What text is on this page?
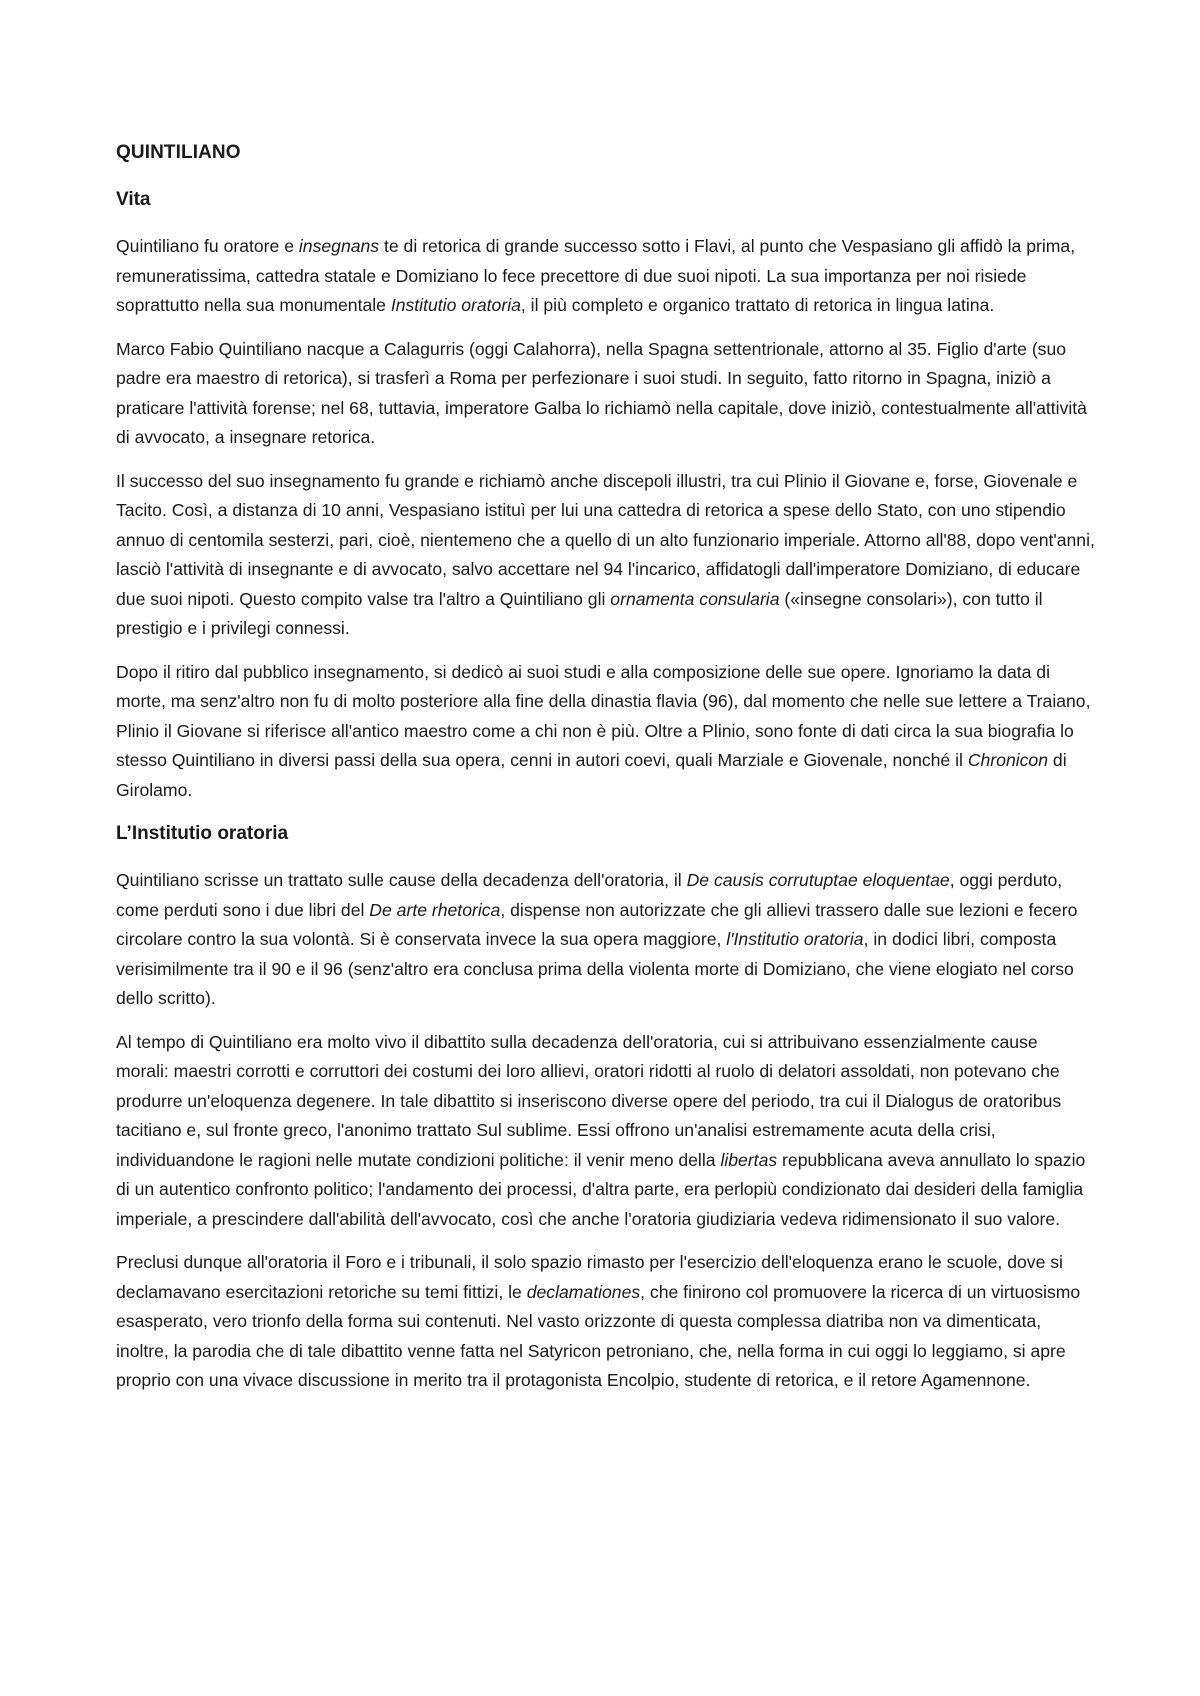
QUINTILIANO
Vita

Quintiliano fu oratore e insegnans te di retorica di grande successo sotto i Flavi, al punto che Vespasiano gli affidò la prima, remuneratissima, cattedra statale e Domiziano lo fece precettore di due suoi nipoti. La sua importanza per noi risiede soprattutto nella sua monumentale Institutio oratoria, il più completo e organico trattato di retorica in lingua latina.

Marco Fabio Quintiliano nacque a Calagurris (oggi Calahorra), nella Spagna settentrionale, attorno al 35. Figlio d'arte (suo padre era maestro di retorica), si trasferì a Roma per perfezionare i suoi studi. In seguito, fatto ritorno in Spagna, iniziò a praticare l'attività forense; nel 68, tuttavia, imperatore Galba lo richiamò nella capitale, dove iniziò, contestualmente all'attività di avvocato, a insegnare retorica.

Il successo del suo insegnamento fu grande e richiamò anche discepoli illustri, tra cui Plinio il Giovane e, forse, Giovenale e Tacito. Così, a distanza di 10 anni, Vespasiano istituì per lui una cattedra di retorica a spese dello Stato, con uno stipendio annuo di centomila sesterzi, pari, cioè, nientemeno che a quello di un alto funzionario imperiale. Attorno all'88, dopo vent'anni, lasciò l'attività di insegnante e di avvocato, salvo accettare nel 94 l'incarico, affidatogli dall'imperatore Domiziano, di educare due suoi nipoti. Questo compito valse tra l'altro a Quintiliano gli ornamenta consularia («insegne consolari»), con tutto il prestigio e i privilegi connessi.

Dopo il ritiro dal pubblico insegnamento, si dedicò ai suoi studi e alla composizione delle sue opere. Ignoriamo la data di morte, ma senz'altro non fu di molto posteriore alla fine della dinastia flavia (96), dal momento che nelle sue lettere a Traiano, Plinio il Giovane si riferisce all'antico maestro come a chi non è più. Oltre a Plinio, sono fonte di dati circa la sua biografia lo stesso Quintiliano in diversi passi della sua opera, cenni in autori coevi, quali Marziale e Giovenale, nonché il Chronicon di Girolamo.

L’Institutio oratoria

Quintiliano scrisse un trattato sulle cause della decadenza dell'oratoria, il De causis corrutuptae eloquentae, oggi perduto, come perduti sono i due libri del De arte rhetorica, dispense non autorizzate che gli allievi trassero dalle sue lezioni e fecero circolare contro la sua volontà. Si è conservata invece la sua opera maggiore, l'Institutio oratoria, in dodici libri, composta verisimilmente tra il 90 e il 96 (senz'altro era conclusa prima della violenta morte di Domiziano, che viene elogiato nel corso dello scritto).

Al tempo di Quintiliano era molto vivo il dibattito sulla decadenza dell'oratoria, cui si attribuivano essenzialmente cause morali: maestri corrotti e corruttori dei costumi dei loro allievi, oratori ridotti al ruolo di delatori assoldati, non potevano che produrre un'eloquenza degenere. In tale dibattito si inseriscono diverse opere del periodo, tra cui il Dialogus de oratoribus tacitiano e, sul fronte greco, l'anonimo trattato Sul sublime. Essi offrono un'analisi estremamente acuta della crisi, individuandone le ragioni nelle mutate condizioni politiche: il venir meno della libertas repubblicana aveva annullato lo spazio di un autentico confronto politico; l'andamento dei processi, d'altra parte, era perlopiù condizionato dai desideri della famiglia imperiale, a prescindere dall'abilità dell'avvocato, così che anche l'oratoria giudiziaria vedeva ridimensionato il suo valore.

Preclusi dunque all'oratoria il Foro e i tribunali, il solo spazio rimasto per l'esercizio dell'eloquenza erano le scuole, dove si declamavano esercitazioni retoriche su temi fittizi, le declamationes, che finirono col promuovere la ricerca di un virtuosismo esasperato, vero trionfo della forma sui contenuti. Nel vasto orizzonte di questa complessa diatriba non va dimenticata, inoltre, la parodia che di tale dibattito venne fatta nel Satyricon petroniano, che, nella forma in cui oggi lo leggiamo, si apre proprio con una vivace discussione in merito tra il protagonista Encolpio, studente di retorica, e il retore Agamennone.
